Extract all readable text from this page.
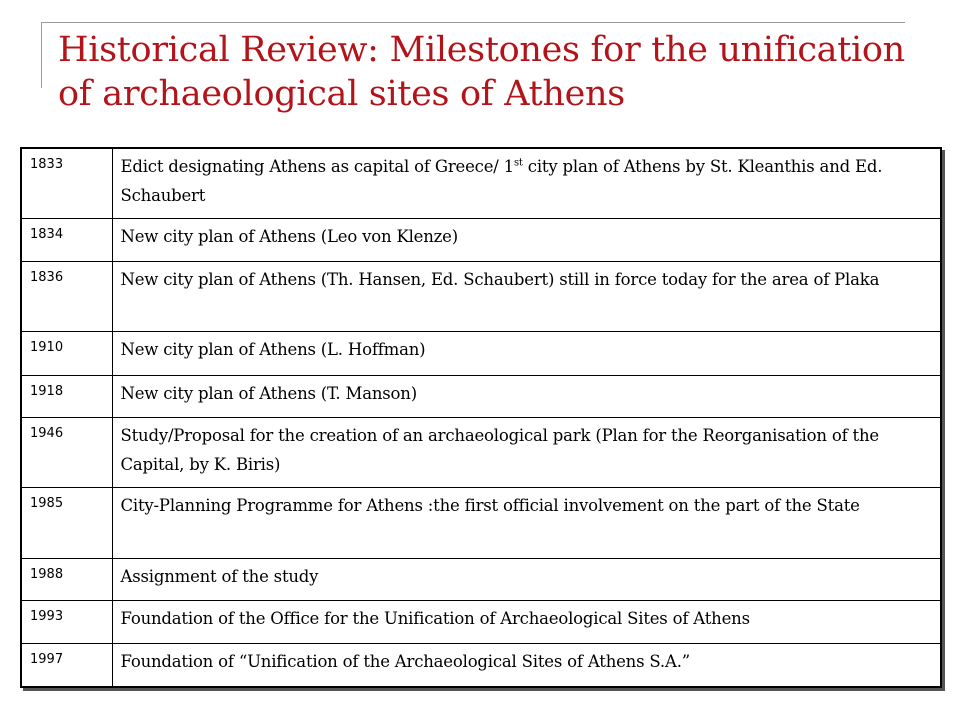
Historical Review: Milestones for the unification of archaeological sites of Athens
1833	Edict designating Athens as capital of Greece/ 1st city plan of Athens by St. Kleanthis and Ed. Schaubert
1834	New city plan of Athens (Leo von Klenze)
1836	New city plan of Athens (Th. Hansen, Ed. Schaubert) still in force today for the area of Plaka
1910	New city plan of Athens (L. Hoffman)
1918	New city plan of Athens (T. Manson)
1946	Study/Proposal for the creation of an archaeological park (Plan for the Reorganisation of the Capital, by K. Biris)
1985	City-Planning Programme for Athens :the first official involvement on the part of the State
1988	Assignment of the study
1993	Foundation of the Office for the Unification of Archaeological Sites of Athens
1997	Foundation of “Unification of the Archaeological Sites of Athens S.A.”
